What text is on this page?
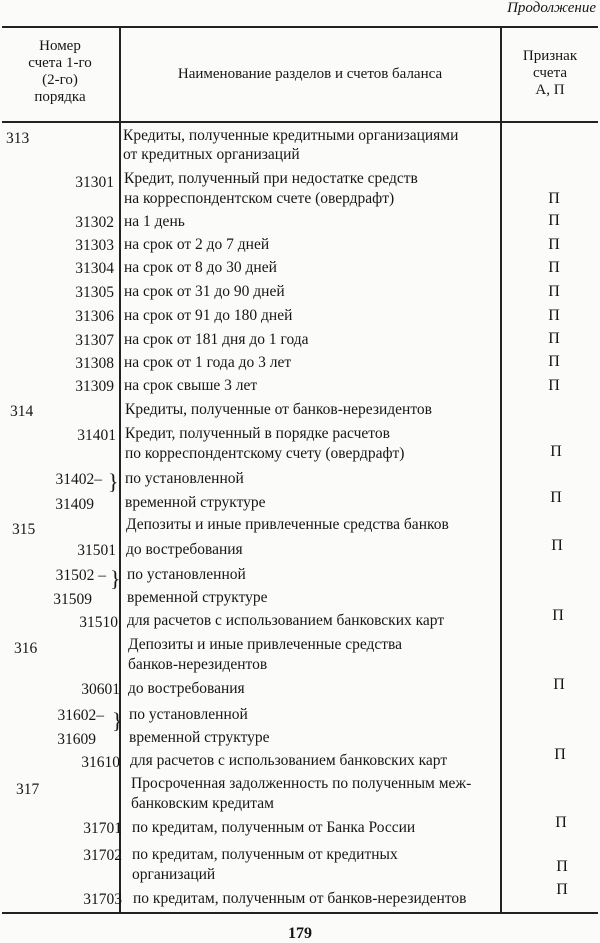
Продолжение
Номер
счета 1-го
(2-го)
порядка
Наименование разделов и счетов баланса
Признак
счета
А, П
313
314
315
316
317
31301
31302
31303
31304
31305
31306
31307
31308
31309
31401
31402– }
31409
31501
31502 – }
31509
31510
30601
31602– }
31609
31610
31701
31702
31703
Кредиты, полученные кредитными организациями
от кредитных организаций
Кредит, полученный при недостатке средств
на корреспондентском счете (овердрафт)
на 1 день
на срок от 2 до 7 дней
на срок от 8 до 30 дней
на срок от 31 до 90 дней
на срок от 91 до 180 дней
на срок от 181 дня до 1 года
на срок от 1 года до 3 лет
на срок свыше 3 лет
Кредиты, полученные от банков-нерезидентов
Кредит, полученный в порядке расчетов
по корреспондентскому счету (овердрафт)
по установленной
временной структуре
Депозиты и иные привлеченные средства банков
до востребования
по установленной
временной структуре
для расчетов с использованием банковских карт
Депозиты и иные привлеченные средства
банков-нерезидентов
до востребования
по установленной
временной структуре
для расчетов с использованием банковских карт
Просроченная задолженность по полученным меж-
банковским кредитам
по кредитам, полученным от Банка России
по кредитам, полученным от кредитных
организаций
по кредитам, полученным от банков-нерезидентов
П
П
П
П
П
П
П
П
П
П
П
П
П
П
П
П
П
П
179
